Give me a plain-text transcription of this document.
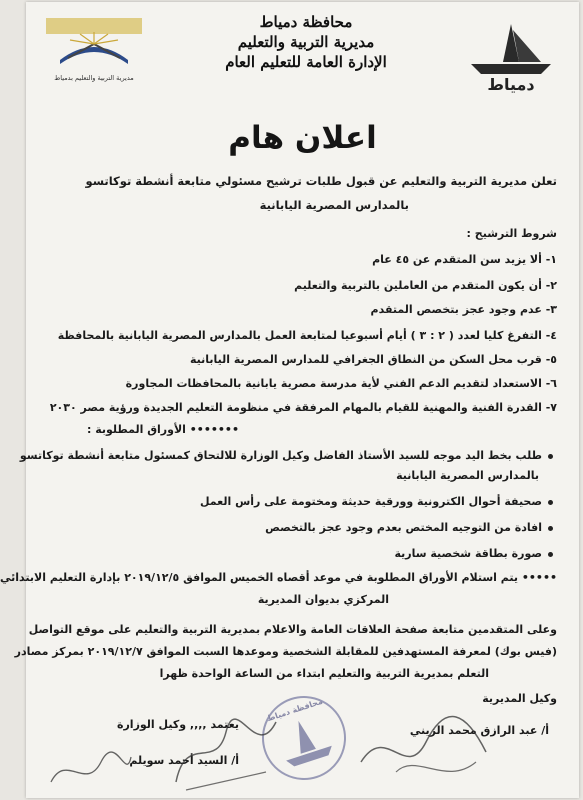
دمياط
مديرية التربية والتعليم بدمياط
محافظة دمياط
مديرية التربية والتعليم
الإدارة العامة للتعليم العام
اعلان هام
تعلن مديرية التربية والتعليم عن قبول طلبات ترشيح مسئولي متابعة أنشطة توكاتسو
بالمدارس المصرية اليابانية
شروط الترشيح :
١- ألا يزيد سن المتقدم عن ٤٥ عام
٢- أن يكون المتقدم من العاملين بالتربية والتعليم
٣- عدم وجود عجز بتخصص المتقدم
٤- التفرغ كليا لعدد ( ٢ : ٣ ) أيام أسبوعيا لمتابعة العمل بالمدارس المصرية اليابانية بالمحافظة
٥- قرب محل السكن من النطاق الجغرافي للمدارس المصرية اليابانية
٦- الاستعداد لتقديم الدعم الفني لأية مدرسة مصرية يابانية بالمحافظات المجاورة
٧- القدرة الفنية والمهنية للقيام بالمهام المرفقة في منظومة التعليم الجديدة ورؤية مصر ٢٠٣٠
••••••• الأوراق المطلوبة :
طلب بخط اليد موجه للسيد الأستاذ الفاضل وكيل الوزارة للالتحاق كمسئول متابعة أنشطة توكاتسو
بالمدارس المصرية اليابانية
صحيفة أحوال الكترونية وورقية حديثة ومختومة على رأس العمل
افادة من التوجيه المختص بعدم وجود عجز بالتخصص
صورة بطاقة شخصية سارية
••••• يتم استلام الأوراق المطلوبة في موعد أقصاه الخميس الموافق ٢٠١٩/١٢/٥ بإدارة التعليم الابتدائي
المركزي بديوان المديرية
وعلى المتقدمين متابعة صفحة العلاقات العامة والاعلام بمديرية التربية والتعليم على موقع التواصل
(فيس بوك) لمعرفة المستهدفين للمقابلة الشخصية وموعدها السبت الموافق ٢٠١٩/١٢/٧ بمركز مصادر
التعلم بمديرية التربية والتعليم ابتداء من الساعة الواحدة ظهرا
وكيل المديرية
أ/ عبد الرازق محمد الزيني
يعتمد ,,,, وكيل الوزارة
أ/ السيد أحمد سويلم
محافظة دمياط
